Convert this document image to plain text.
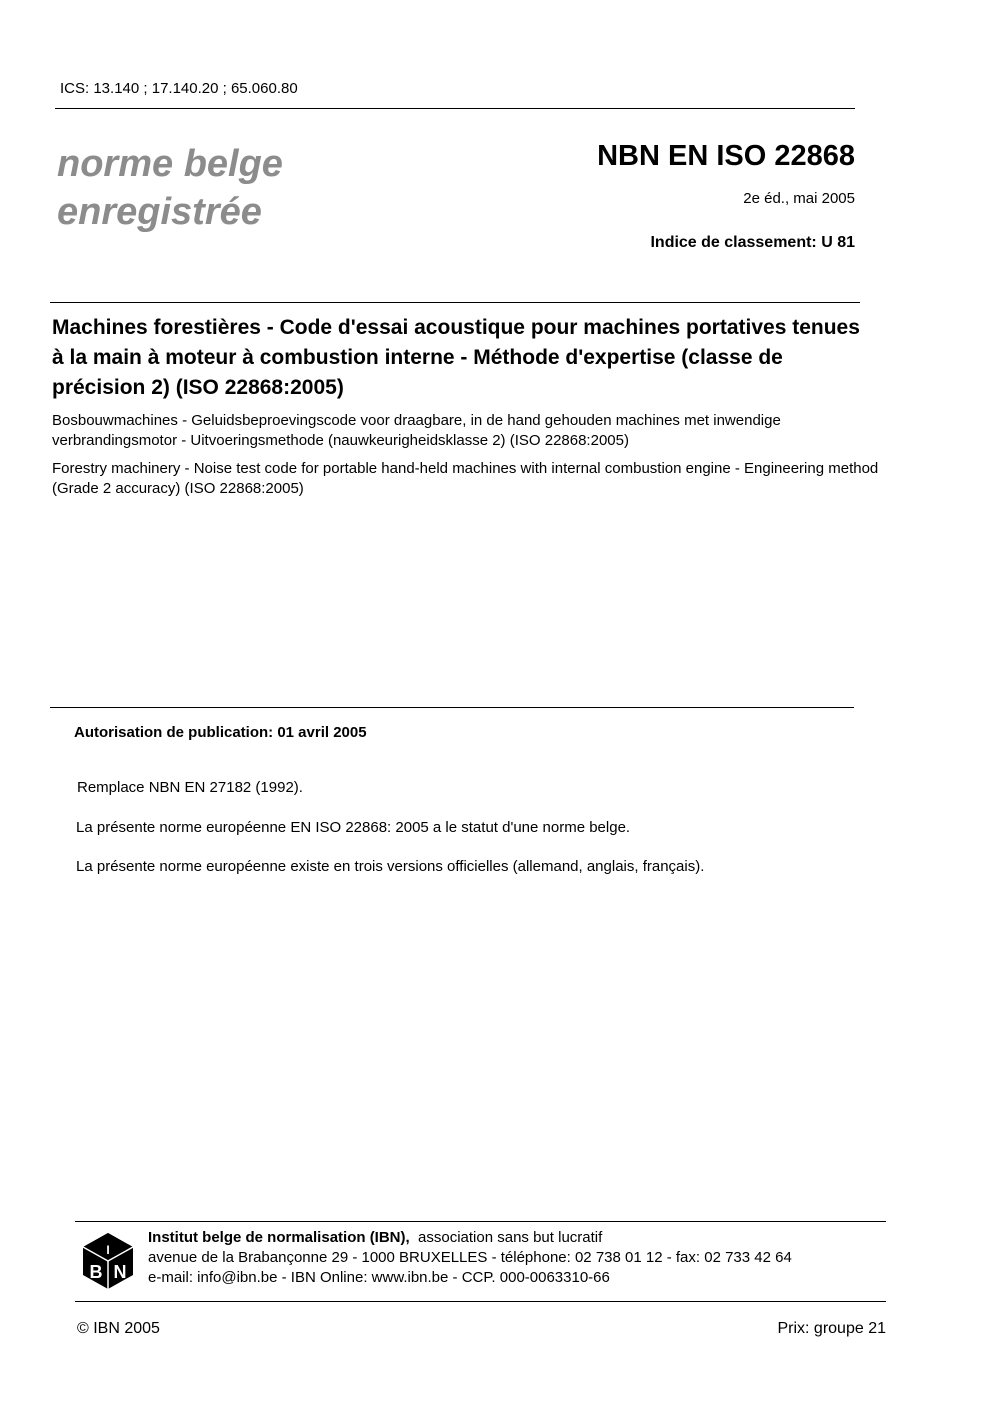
ICS: 13.140 ; 17.140.20 ; 65.060.80
norme belge
enregistrée
NBN EN ISO 22868
2e éd., mai 2005
Indice de classement: U 81
Machines forestières - Code d'essai acoustique pour machines portatives tenues à la main à moteur à combustion interne - Méthode d'expertise (classe de précision 2) (ISO 22868:2005)
Bosbouwmachines - Geluidsbeproevingscode voor draagbare, in de hand gehouden machines met inwendige verbrandingsmotor - Uitvoeringsmethode (nauwkeurigheidsklasse 2) (ISO 22868:2005)
Forestry machinery - Noise test code for portable hand-held machines with internal combustion engine - Engineering method (Grade 2 accuracy) (ISO 22868:2005)
Autorisation de publication: 01 avril 2005
Remplace NBN EN 27182 (1992).
La présente norme européenne EN ISO 22868: 2005 a le statut d'une norme belge.
La présente norme européenne existe en trois versions officielles (allemand, anglais, français).
B N
I
Institut belge de normalisation (IBN),  association sans but lucratif
avenue de la Brabançonne 29 - 1000 BRUXELLES - téléphone: 02 738 01 12 - fax: 02 733 42 64
e-mail: info@ibn.be - IBN Online: www.ibn.be - CCP. 000-0063310-66
© IBN 2005	Prix: groupe 21
